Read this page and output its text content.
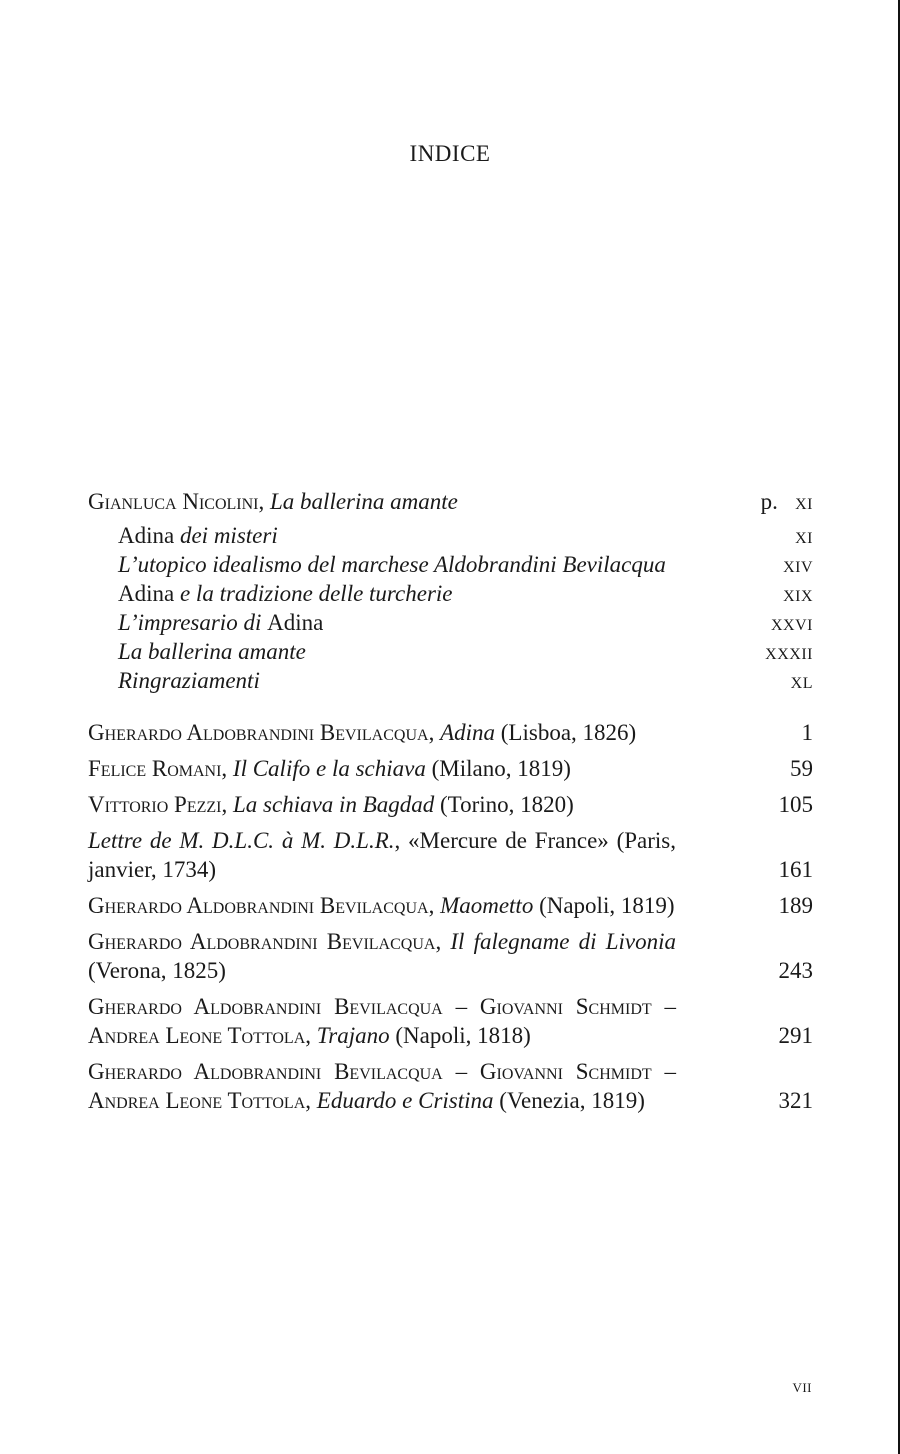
INDICE
Gianluca Nicolini, La ballerina amante	p. xi
Adina dei misteri	xi
L’utopico idealismo del marchese Aldobrandini Bevilacqua	xiv
Adina e la tradizione delle turcherie	xix
L’impresario di Adina	xxvi
La ballerina amante	xxxii
Ringraziamenti	xl
Gherardo Aldobrandini Bevilacqua, Adina (Lisboa, 1826)	1
Felice Romani, Il Califo e la schiava (Milano, 1819)	59
Vittorio Pezzi, La schiava in Bagdad (Torino, 1820)	105
Lettre de M. D.L.C. à M. D.L.R., «Mercure de France» (Paris, janvier, 1734)	161
Gherardo Aldobrandini Bevilacqua, Maometto (Napoli, 1819)	189
Gherardo Aldobrandini Bevilacqua, Il falegname di Livonia (Verona, 1825)	243
Gherardo Aldobrandini Bevilacqua – Giovanni Schmidt – Andrea Leone Tottola, Trajano (Napoli, 1818)	291
Gherardo Aldobrandini Bevilacqua – Giovanni Schmidt – Andrea Leone Tottola, Eduardo e Cristina (Venezia, 1819)	321
vii
